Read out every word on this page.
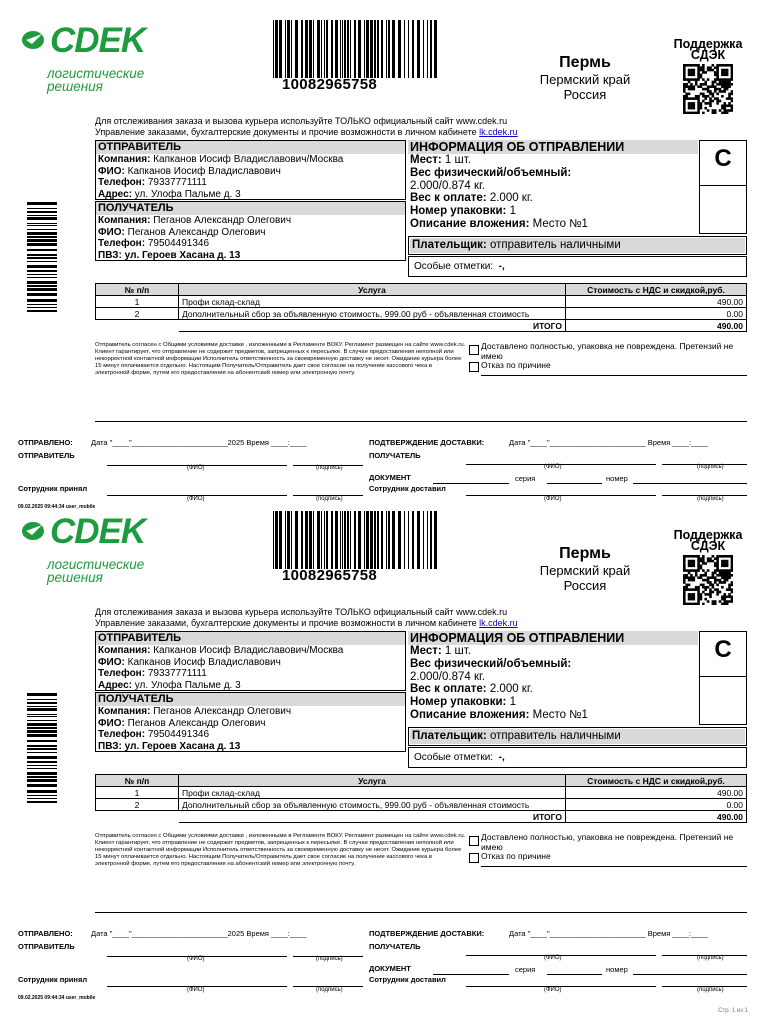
СDEK
логистические решения	10082965758
Пермь
Пермский край
Россия
Поддержка
СДЭК
Для отслеживания заказа и вызова курьера используйте ТОЛЬКО официальный сайт www.cdek.ru
Управление заказами, бухгалтерские документы и прочие возможности в личном кабинете lk.cdek.ru
ОТПРАВИТЕЛЬ
Компания: Капканов Иосиф Владиславович/Москва
ФИО: Капканов Иосиф Владиславович
Телефон: 79337771111
Адрес: ул. Улофа Пальме д. 3
ПОЛУЧАТЕЛЬ
Компания: Пеганов Александр Олегович
ФИО: Пеганов Александр Олегович
Телефон: 79504491346
ПВЗ: ул. Героев Хасана д. 13
ИНФОРМАЦИЯ ОБ ОТПРАВЛЕНИИ
Мест: 1 шт.
Вес физический/объемный:
2.000/0.874 кг.
Вес к оплате: 2.000 кг.
Номер упаковки: 1
Описание вложения: Место №1
C
Плательщик: отправитель наличными
Особые отметки: -,
№ п/п	Услуга	Стоимость с НДС и скидкой,руб.
1	Профи склад-склад	490.00
2	Дополнительный сбор за объявленную стоимость, 999.00 руб - объявленная стоимость	0.00
	ИТОГО	490.00
Отправитель согласен с Общими условиями доставки , изложенными в Регламенте ВОКУ. Регламент размещен на сайте www.cdek.ru. Клиент гарантирует, что отправление не содержит предметов, запрещенных к пересылке. В случае предоставления неполной или некорректной контактной информации Исполнитель ответственность за своевременную доставку не несет. Ожидание курьера более 15 минут оплачивается отдельно. Настоящим Получатель/Отправитель дает свое согласие на получение кассового чека в электронной форме, путем его предоставления на абонентский номер или электронную почту.
Доставлено полностью, упаковка не повреждена. Претензий не имею
Отказ по причине
ОТПРАВЛЕНО: Дата "____"_______________________2025 Время ____:____
ОТПРАВИТЕЛЬ
(ФИО)	(подпись)
Сотрудник принял
(ФИО)	(подпись)
09.02.2025 09:44:34 user_mobile
ПОДТВЕРЖДЕНИЕ ДОСТАВКИ:	Дата "____"_______________________ Время ____:____
ПОЛУЧАТЕЛЬ
(ФИО)	(подпись)
ДОКУМЕНТ	серия	номер
Сотрудник доставил
(ФИО)	(подпись)
СDEK
логистические решения	10082965758
Пермь
Пермский край
Россия
Поддержка
СДЭК
Для отслеживания заказа и вызова курьера используйте ТОЛЬКО официальный сайт www.cdek.ru
Управление заказами, бухгалтерские документы и прочие возможности в личном кабинете lk.cdek.ru
ОТПРАВИТЕЛЬ
Компания: Капканов Иосиф Владиславович/Москва
ФИО: Капканов Иосиф Владиславович
Телефон: 79337771111
Адрес: ул. Улофа Пальме д. 3
ПОЛУЧАТЕЛЬ
Компания: Пеганов Александр Олегович
ФИО: Пеганов Александр Олегович
Телефон: 79504491346
ПВЗ: ул. Героев Хасана д. 13
ИНФОРМАЦИЯ ОБ ОТПРАВЛЕНИИ
Мест: 1 шт.
Вес физический/объемный:
2.000/0.874 кг.
Вес к оплате: 2.000 кг.
Номер упаковки: 1
Описание вложения: Место №1
C
Плательщик: отправитель наличными
Особые отметки: -,
№ п/п	Услуга	Стоимость с НДС и скидкой,руб.
1	Профи склад-склад	490.00
2	Дополнительный сбор за объявленную стоимость, 999.00 руб - объявленная стоимость	0.00
	ИТОГО	490.00
Отправитель согласен с Общими условиями доставки , изложенными в Регламенте ВОКУ. Регламент размещен на сайте www.cdek.ru. Клиент гарантирует, что отправление не содержит предметов, запрещенных к пересылке. В случае предоставления неполной или некорректной контактной информации Исполнитель ответственность за своевременную доставку не несет. Ожидание курьера более 15 минут оплачивается отдельно. Настоящим Получатель/Отправитель дает свое согласие на получение кассового чека в электронной форме, путем его предоставления на абонентский номер или электронную почту.
Доставлено полностью, упаковка не повреждена. Претензий не имею
Отказ по причине
ОТПРАВЛЕНО: Дата "____"_______________________2025 Время ____:____
ОТПРАВИТЕЛЬ
(ФИО)	(подпись)
Сотрудник принял
(ФИО)	(подпись)
09.02.2025 09:44:34 user_mobile
ПОДТВЕРЖДЕНИЕ ДОСТАВКИ:	Дата "____"_______________________ Время ____:____
ПОЛУЧАТЕЛЬ
(ФИО)	(подпись)
ДОКУМЕНТ	серия	номер
Сотрудник доставил
(ФИО)	(подпись)
Стр. 1 из 1
